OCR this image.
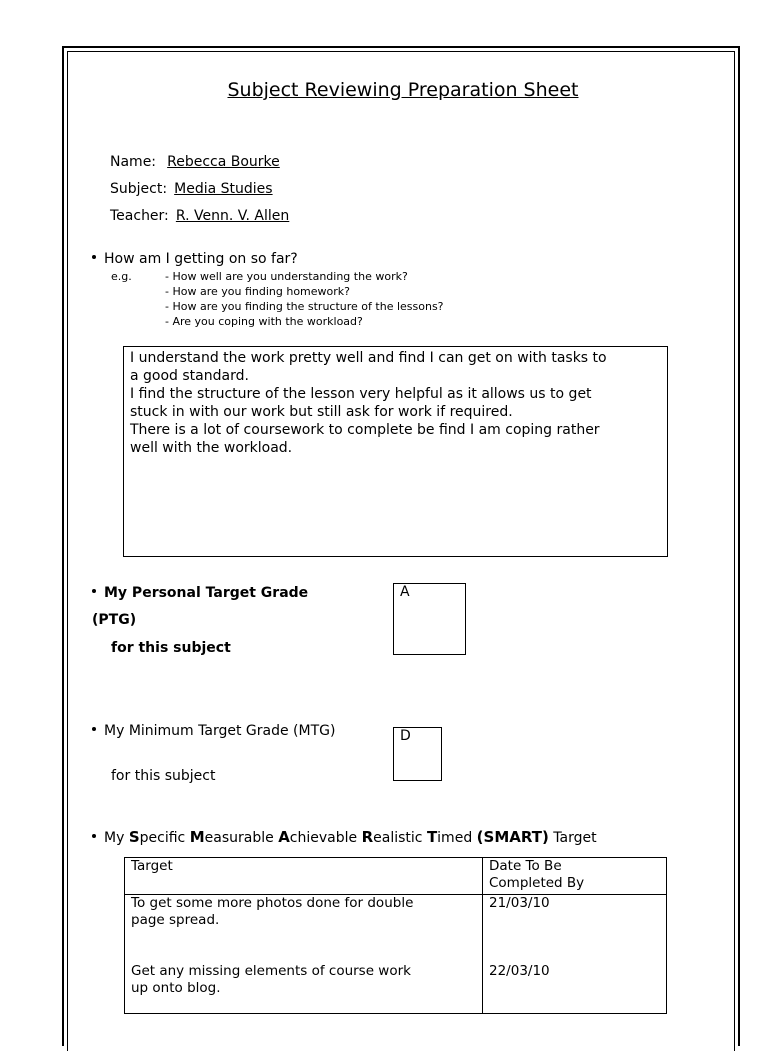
Subject Reviewing Preparation Sheet
Name: Rebecca Bourke
Subject: Media Studies
Teacher: R. Venn. V. Allen
How am I getting on so far?
e.g.	- How well are you understanding the work?
- How are you finding homework?
- How are you finding the structure of the lessons?
- Are you coping with the workload?

I understand the work pretty well and find I can get on with tasks to

a good standard.

I find the structure of the lesson very helpful as it allows us to get

stuck in with our work but still ask for work if required.

There is a lot of coursework to complete be find I am coping rather

well with the workload.

My Personal Target Grade
(PTG)
for this subject
A
My Minimum Target Grade (MTG)
for this subject
D
My Specific Measurable Achievable Realistic Timed (SMART) Target
Target	Date To Be
Completed By

To get some more photos done for double
page spread.	21/03/10

Get any missing elements of course work
up onto blog.	22/03/10
